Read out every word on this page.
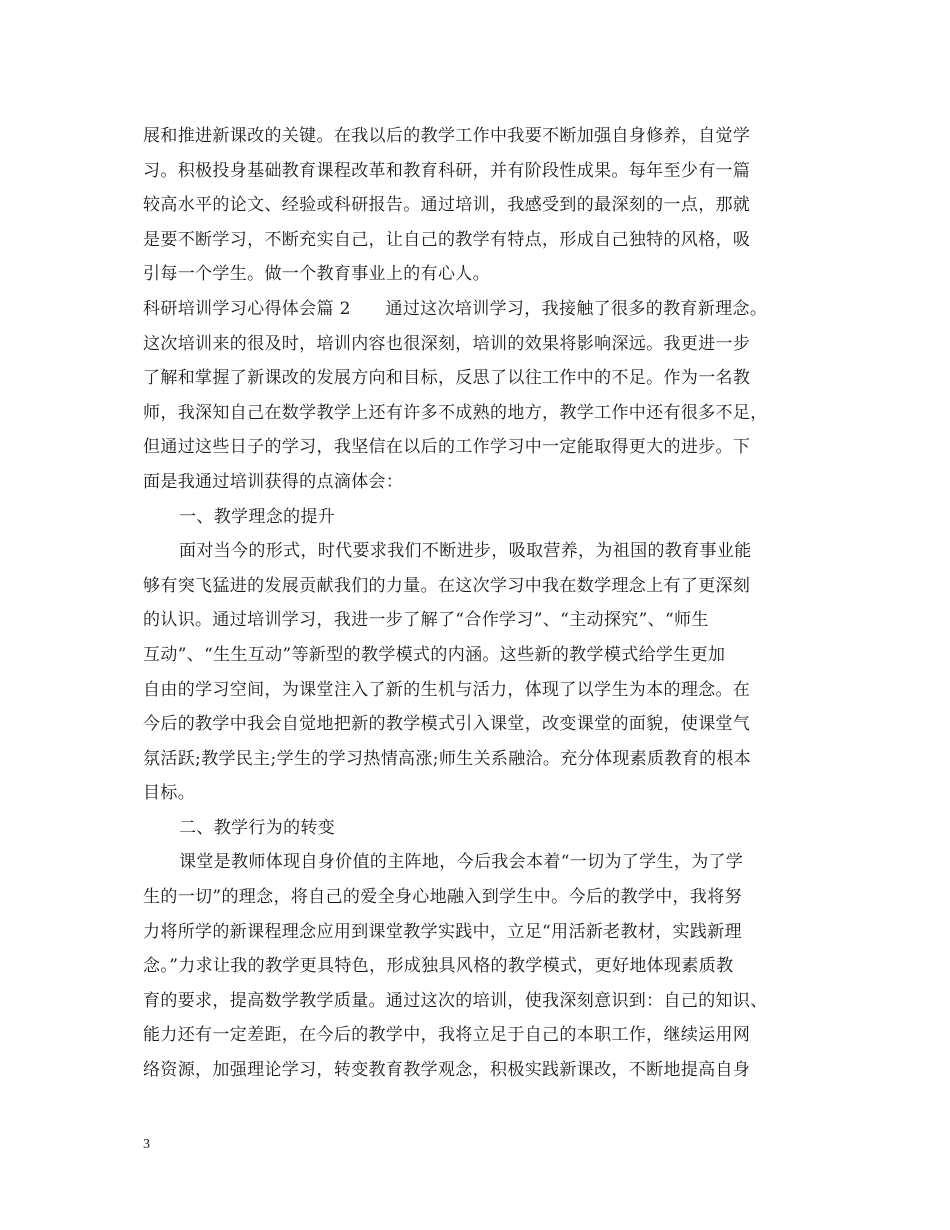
展和推进新课改的关键。在我以后的教学工作中我要不断加强自身修养，自觉学
习。积极投身基础教育课程改革和教育科研，并有阶段性成果。每年至少有一篇
较高水平的论文、经验或科研报告。通过培训，我感受到的最深刻的一点，那就
是要不断学习，不断充实自己，让自己的教学有特点，形成自己独特的风格，吸
引每一个学生。做一个教育事业上的有心人。
科研培训学习心得体会篇 2　　通过这次培训学习，我接触了很多的教育新理念。
这次培训来的很及时，培训内容也很深刻，培训的效果将影响深远。我更进一步
了解和掌握了新课改的发展方向和目标，反思了以往工作中的不足。作为一名教
师，我深知自己在数学教学上还有许多不成熟的地方，教学工作中还有很多不足，
但通过这些日子的学习，我坚信在以后的工作学习中一定能取得更大的进步。下
面是我通过培训获得的点滴体会：
一、教学理念的提升
面对当今的形式，时代要求我们不断进步，吸取营养，为祖国的教育事业能
够有突飞猛进的发展贡献我们的力量。在这次学习中我在数学理念上有了更深刻
的认识。通过培训学习，我进一步了解了“合作学习”、“主动探究”、“师生
互动”、“生生互动”等新型的教学模式的内涵。这些新的教学模式给学生更加
自由的学习空间，为课堂注入了新的生机与活力，体现了以学生为本的理念。在
今后的教学中我会自觉地把新的教学模式引入课堂，改变课堂的面貌，使课堂气
氛活跃;教学民主;学生的学习热情高涨;师生关系融洽。充分体现素质教育的根本
目标。
二、教学行为的转变
课堂是教师体现自身价值的主阵地，今后我会本着“一切为了学生，为了学
生的一切”的理念，将自己的爱全身心地融入到学生中。今后的教学中，我将努
力将所学的新课程理念应用到课堂教学实践中，立足“用活新老教材，实践新理
念。”力求让我的教学更具特色，形成独具风格的教学模式，更好地体现素质教
育的要求，提高数学教学质量。通过这次的培训，使我深刻意识到：自己的知识、
能力还有一定差距，在今后的教学中，我将立足于自己的本职工作，继续运用网
络资源，加强理论学习，转变教育教学观念，积极实践新课改，不断地提高自身
3
